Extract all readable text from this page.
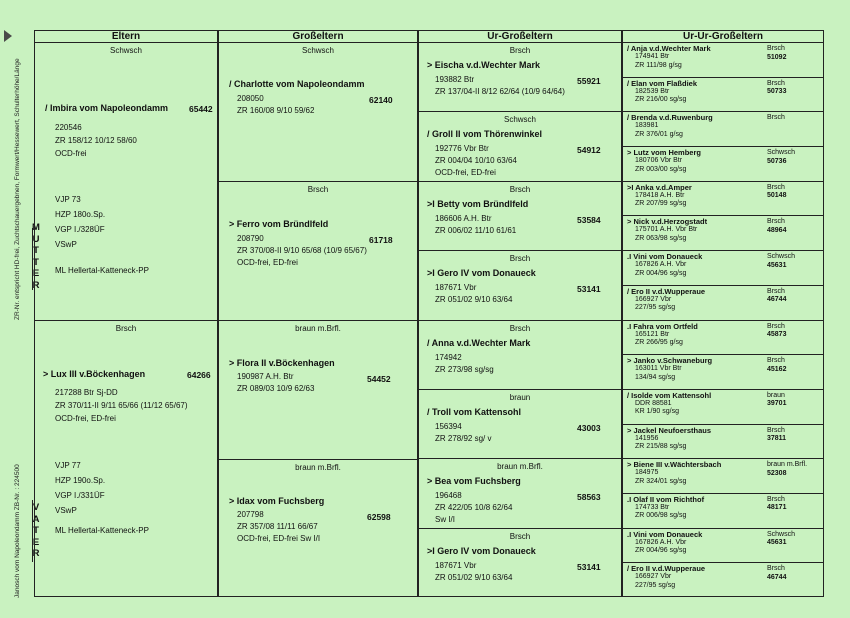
ZR-Nr. entspricht HD-frei, Zuchtschauergebnen, Formwert/Hessewert, Schulterhöhe/Länge
Janosch vom Napoleondamm ZB-Nr. : 224500
M
U
T
T
E
R
V
A
T
E
R
Eltern
Schwsch
/ Imbira vom Napoleondamm 65442
220546
ZR 158/12 10/12 58/60
OCD-frei
VJP 73
HZP 180o.Sp.
VGP I./328ÜF
VSwP
ML Hellertal-Katteneck-PP
Brsch
> Lux III v.Böckenhagen	64266
217288 Btr Sj-DD
ZR 370/11-II 9/11 65/66 (11/12 65/67)
OCD-frei, ED-frei
VJP 77
HZP 190o.Sp.
VGP I./331ÜF
VSwP
ML Hellertal-Katteneck-PP
Großeltern
Schwsch
/ Charlotte vom Napoleondamm
62140
208050
ZR 160/08 9/10 59/62
Brsch
> Ferro vom Bründlfeld
61718
208790
ZR 370/08-II 9/10 65/68 (10/9 65/67)
OCD-frei, ED-frei
braun m.Brfl.
> Flora II v.Böckenhagen
54452
190987 A.H. Btr
ZR 089/03 10/9 62/63
braun m.Brfl.
> Idax vom Fuchsberg
62598
207798
ZR 357/08 11/11 66/67
OCD-frei, ED-frei Sw I/I
Ur-Großeltern
Brsch
> Eischa v.d.Wechter Mark
55921
193882 Btr
ZR 137/04-II 8/12 62/64 (10/9 64/64)
Schwsch
/ Groll II vom Thörenwinkel
54912
192776 Vbr Btr
ZR 004/04 10/10 63/64
OCD-frei, ED-frei
Brsch
>I Betty vom Bründlfeld
53584
186606 A.H. Btr
ZR 006/02 11/10 61/61
Brsch
>I Gero IV vom Donaueck
53141
187671 Vbr
ZR 051/02 9/10 63/64
Brsch
/ Anna v.d.Wechter Mark
174942
ZR 273/98 sg/sg
braun
/ Troll vom Kattensohl
43003
156394
ZR 278/92 sg/ v
braun m.Brfl.
> Bea vom Fuchsberg
58563
196468
ZR 422/05 10/8 62/64
Sw I/I
Brsch
>I Gero IV vom Donaueck
53141
187671 Vbr
ZR 051/02 9/10 63/64
Ur-Ur-Großeltern
/ Anja v.d.Wechter Mark
174941 Btr
ZR 111/98 g/sg
Brsch
51092
/ Elan vom Flaßdiek
182539 Btr
ZR 216/00 sg/sg
Brsch
50733
/ Brenda v.d.Ruwenburg
183981
ZR 376/01 g/sg
Brsch
> Lutz vom Hemberg
180706 Vbr Btr
ZR 003/00 sg/sg
Schwsch
50736
>I Anka v.d.Amper
178418 A.H. Btr
ZR 207/99 sg/sg
Brsch
50148
> Nick v.d.Herzogstadt
175701 A.H. Vbr Btr
ZR 063/98 sg/sg
Brsch
48964
.I Vini vom Donaueck
167826 A.H. Vbr
ZR 004/96 sg/sg
Schwsch
45631
/ Ero II v.d.Wupperaue
166927 Vbr
227/95 sg/sg
Brsch
46744
.I Fahra vom Ortfeld
165121 Btr
ZR 266/95 g/sg
Brsch
45873
> Janko v.Schwaneburg
163011 Vbr Btr
134/94 sg/sg
Brsch
45162
/ Isolde vom Kattensohl
DDR 88581
KR 1/90 sg/sg
braun
39701
> Jackel Neufoersthaus
141956
ZR 215/88 sg/sg
Brsch
37811
> Biene III v.Wächtersbach
184975
ZR 324/01 sg/sg
braun m.Brfl.
52308
.I Olaf II vom Richthof
174733 Btr
ZR 006/98 sg/sg
Brsch
48171
.I Vini vom Donaueck
167826 A.H. Vbr
ZR 004/96 sg/sg
Schwsch
45631
/ Ero II v.d.Wupperaue
166927 Vbr
227/95 sg/sg
Brsch
46744
